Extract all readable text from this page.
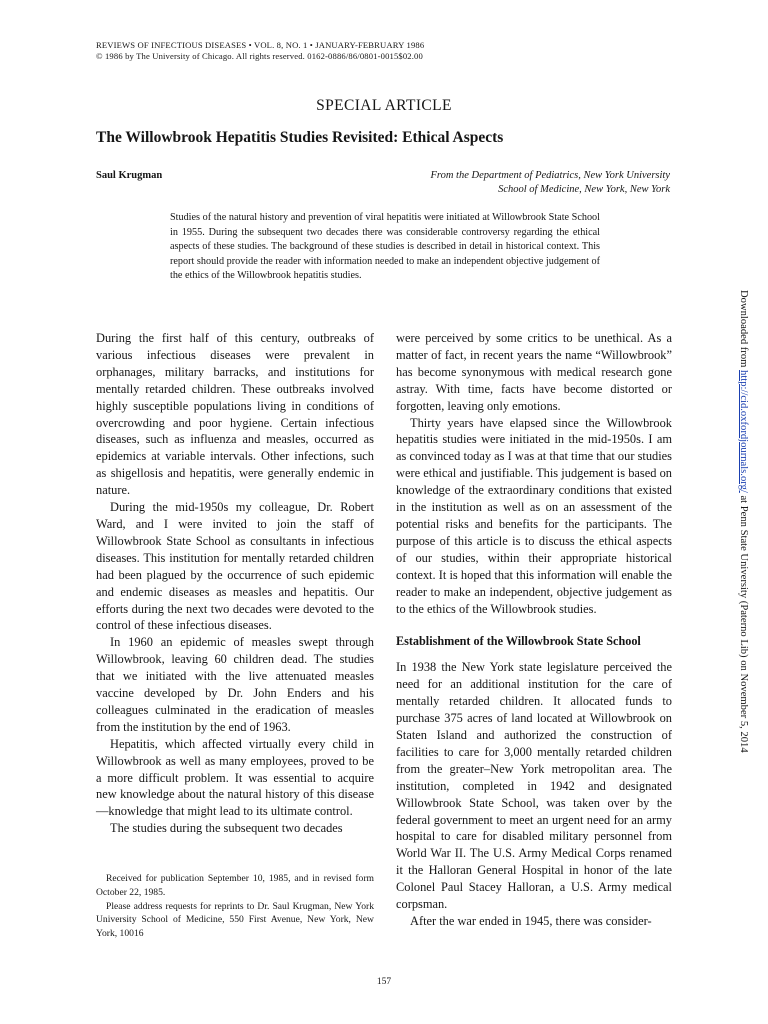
REVIEWS OF INFECTIOUS DISEASES • VOL. 8, NO. 1 • JANUARY-FEBRUARY 1986
© 1986 by The University of Chicago. All rights reserved. 0162-0886/86/0801-0015$02.00
SPECIAL ARTICLE
The Willowbrook Hepatitis Studies Revisited: Ethical Aspects
Saul Krugman	From the Department of Pediatrics, New York University
School of Medicine, New York, New York

Studies of the natural history and prevention of viral hepatitis were initiated at Willowbrook State School in 1955. During the subsequent two decades there was considerable controversy regarding the ethical aspects of these studies. The background of these studies is described in detail in historical context. This report should provide the reader with information needed to make an independent objective judgement of the ethics of the Willowbrook hepatitis studies.

During the first half of this century, outbreaks of various infectious diseases were prevalent in orphanages, military barracks, and institutions for mentally retarded children. These outbreaks involved highly susceptible populations living in conditions of overcrowding and poor hygiene. Certain infectious diseases, such as influenza and measles, occurred as epidemics at variable intervals. Other infections, such as shigellosis and hepatitis, were generally endemic in nature.

During the mid-1950s my colleague, Dr. Robert Ward, and I were invited to join the staff of Willowbrook State School as consultants in infectious diseases. This institution for mentally retarded children had been plagued by the occurrence of such epidemic and endemic diseases as measles and hepatitis. Our efforts during the next two decades were devoted to the control of these infectious diseases.

In 1960 an epidemic of measles swept through Willowbrook, leaving 60 children dead. The studies that we initiated with the live attenuated measles vaccine developed by Dr. John Enders and his colleagues culminated in the eradication of measles from the institution by the end of 1963.

Hepatitis, which affected virtually every child in Willowbrook as well as many employees, proved to be a more difficult problem. It was essential to acquire new knowledge about the natural history of this disease—knowledge that might lead to its ultimate control.

The studies during the subsequent two decades

Received for publication September 10, 1985, and in revised form October 22, 1985.

Please address requests for reprints to Dr. Saul Krugman, New York University School of Medicine, 550 First Avenue, New York, New York, 10016

were perceived by some critics to be unethical. As a matter of fact, in recent years the name “Willowbrook” has become synonymous with medical research gone astray. With time, facts have become distorted or forgotten, leaving only emotions.

Thirty years have elapsed since the Willowbrook hepatitis studies were initiated in the mid-1950s. I am as convinced today as I was at that time that our studies were ethical and justifiable. This judgement is based on knowledge of the extraordinary conditions that existed in the institution as well as on an assessment of the potential risks and benefits for the participants. The purpose of this article is to discuss the ethical aspects of our studies, within their appropriate historical context. It is hoped that this information will enable the reader to make an independent, objective judgement as to the ethics of the Willowbrook studies.

Establishment of the Willowbrook State School

In 1938 the New York state legislature perceived the need for an additional institution for the care of mentally retarded children. It allocated funds to purchase 375 acres of land located at Willowbrook on Staten Island and authorized the construction of facilities to care for 3,000 mentally retarded children from the greater–New York metropolitan area. The institution, completed in 1942 and designated Willowbrook State School, was taken over by the federal government to meet an urgent need for an army hospital to care for disabled military personnel from World War II. The U.S. Army Medical Corps renamed it the Halloran General Hospital in honor of the late Colonel Paul Stacey Halloran, a U.S. Army medical corpsman.

After the war ended in 1945, there was consider-

157
Downloaded from http://cid.oxfordjournals.org/ at Penn State University (Paterno Lib) on November 5, 2014
